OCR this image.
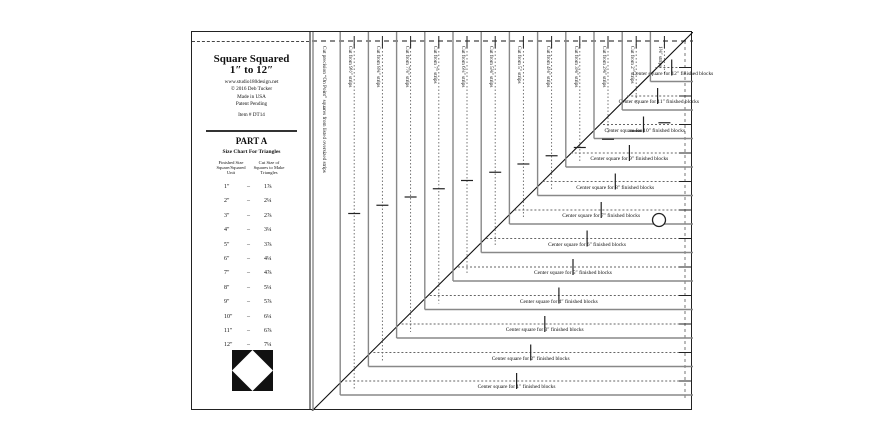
Square Squared
1″ to 12″
www.studio180design.net
© 2016 Deb Tucker
Made in USA
Patent Pending
Item # DT14
PART A
Size Chart For Triangles
Finished Size Square/Squared Unit
Cut Size of Squares to Make Triangles
1″	– 1⅞
2″	– 2¼
3″	– 2⅞
4″	– 3¼
5″	– 3⅞
6″	– 4¼
7″	– 4⅞
8″	– 5¼
9″	– 5⅞
10″ – 6¼
11″ – 6⅞
12″ – 7¼
Cut precision “On Point” squares from listed oversized strips	Cut from 9½″ strips	Cut from 8¾″ strips	Cut from 7⅞″ strips	Cut from 7″ strips	Cut from 6¼″ strips	Cut from 5⅜″ strips	Cut from 5″ strips	Cut from 4⅛″ strips	Cut from 3⅜″ strips	Cut from 2⅝″ strips	Cut from 2″ strips	1⅜″ strips
Center square for 1″ finished blocks
Center square for 2″ finished blocks
Center square for 3″ finished blocks
Center square for 4″ finished blocks
Center square for 5″ finished blocks
Center square for 6″ finished blocks
Center square for 7″ finished blocks
Center square for 8″ finished blocks
Center square for 9″ finished blocks
Center square for 10″ finished blocks
Center square for 11″ finished blocks
Center square for 12″ finished blocks
